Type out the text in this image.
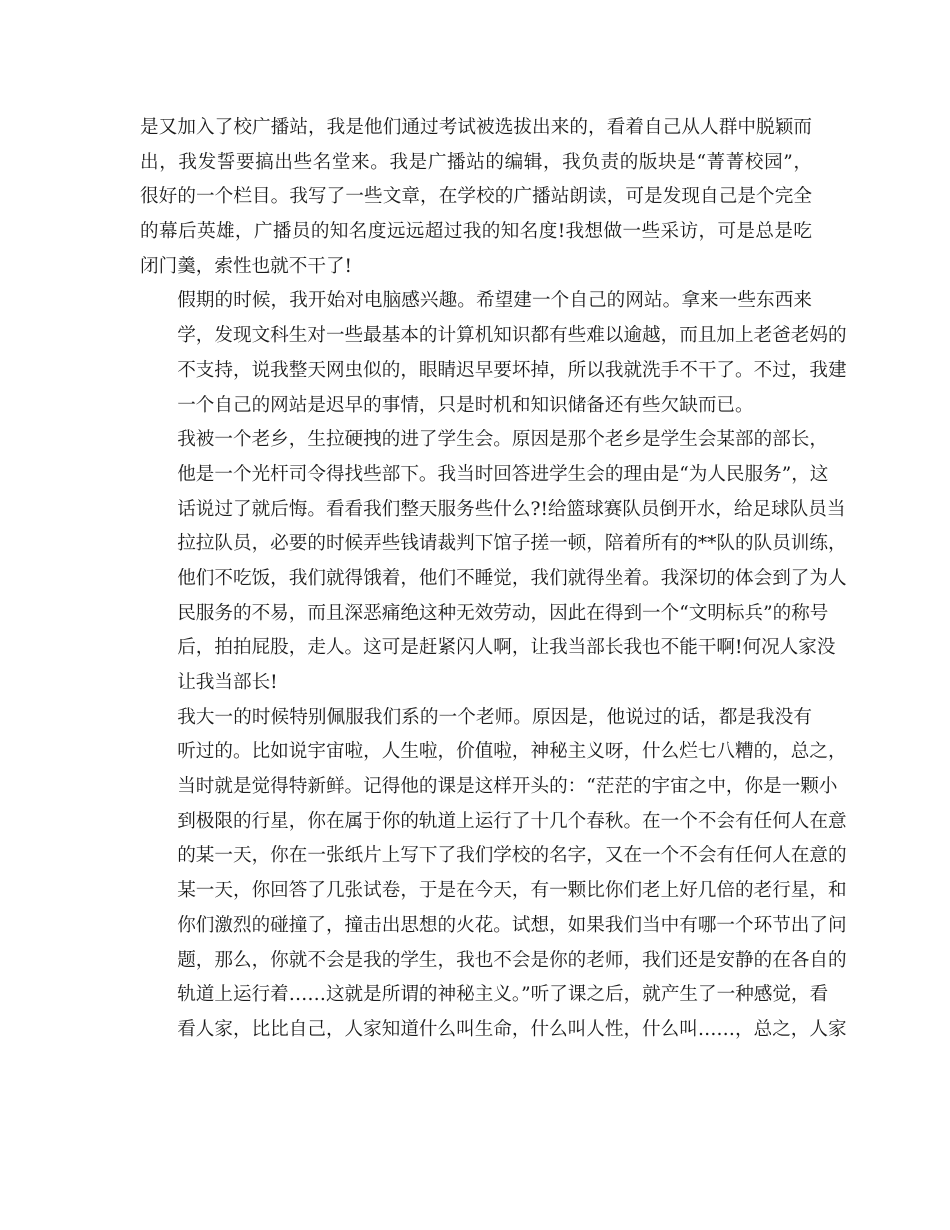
是又加入了校广播站，我是他们通过考试被选拔出来的，看着自己从人群中脱颖而
出，我发誓要搞出些名堂来。我是广播站的编辑，我负责的版块是“菁菁校园”，
很好的一个栏目。我写了一些文章，在学校的广播站朗读，可是发现自己是个完全
的幕后英雄，广播员的知名度远远超过我的知名度!我想做一些采访，可是总是吃
闭门羹，索性也就不干了!
假期的时候，我开始对电脑感兴趣。希望建一个自己的网站。拿来一些东西来
学，发现文科生对一些最基本的计算机知识都有些难以逾越，而且加上老爸老妈的
不支持，说我整天网虫似的，眼睛迟早要坏掉，所以我就洗手不干了。不过，我建
一个自己的网站是迟早的事情，只是时机和知识储备还有些欠缺而已。
我被一个老乡，生拉硬拽的进了学生会。原因是那个老乡是学生会某部的部长，
他是一个光杆司令得找些部下。我当时回答进学生会的理由是“为人民服务”，这
话说过了就后悔。看看我们整天服务些什么?!给篮球赛队员倒开水，给足球队员当
拉拉队员，必要的时候弄些钱请裁判下馆子搓一顿，陪着所有的**队的队员训练，
他们不吃饭，我们就得饿着，他们不睡觉，我们就得坐着。我深切的体会到了为人
民服务的不易，而且深恶痛绝这种无效劳动，因此在得到一个“文明标兵”的称号
后，拍拍屁股，走人。这可是赶紧闪人啊，让我当部长我也不能干啊!何况人家没
让我当部长!
我大一的时候特别佩服我们系的一个老师。原因是，他说过的话，都是我没有
听过的。比如说宇宙啦，人生啦，价值啦，神秘主义呀，什么烂七八糟的，总之，
当时就是觉得特新鲜。记得他的课是这样开头的：“茫茫的宇宙之中，你是一颗小
到极限的行星，你在属于你的轨道上运行了十几个春秋。在一个不会有任何人在意
的某一天，你在一张纸片上写下了我们学校的名字，又在一个不会有任何人在意的
某一天，你回答了几张试卷，于是在今天，有一颗比你们老上好几倍的老行星，和
你们激烈的碰撞了，撞击出思想的火花。试想，如果我们当中有哪一个环节出了问
题，那么，你就不会是我的学生，我也不会是你的老师，我们还是安静的在各自的
轨道上运行着……这就是所谓的神秘主义。”听了课之后，就产生了一种感觉，看
看人家，比比自己，人家知道什么叫生命，什么叫人性，什么叫……，总之，人家
